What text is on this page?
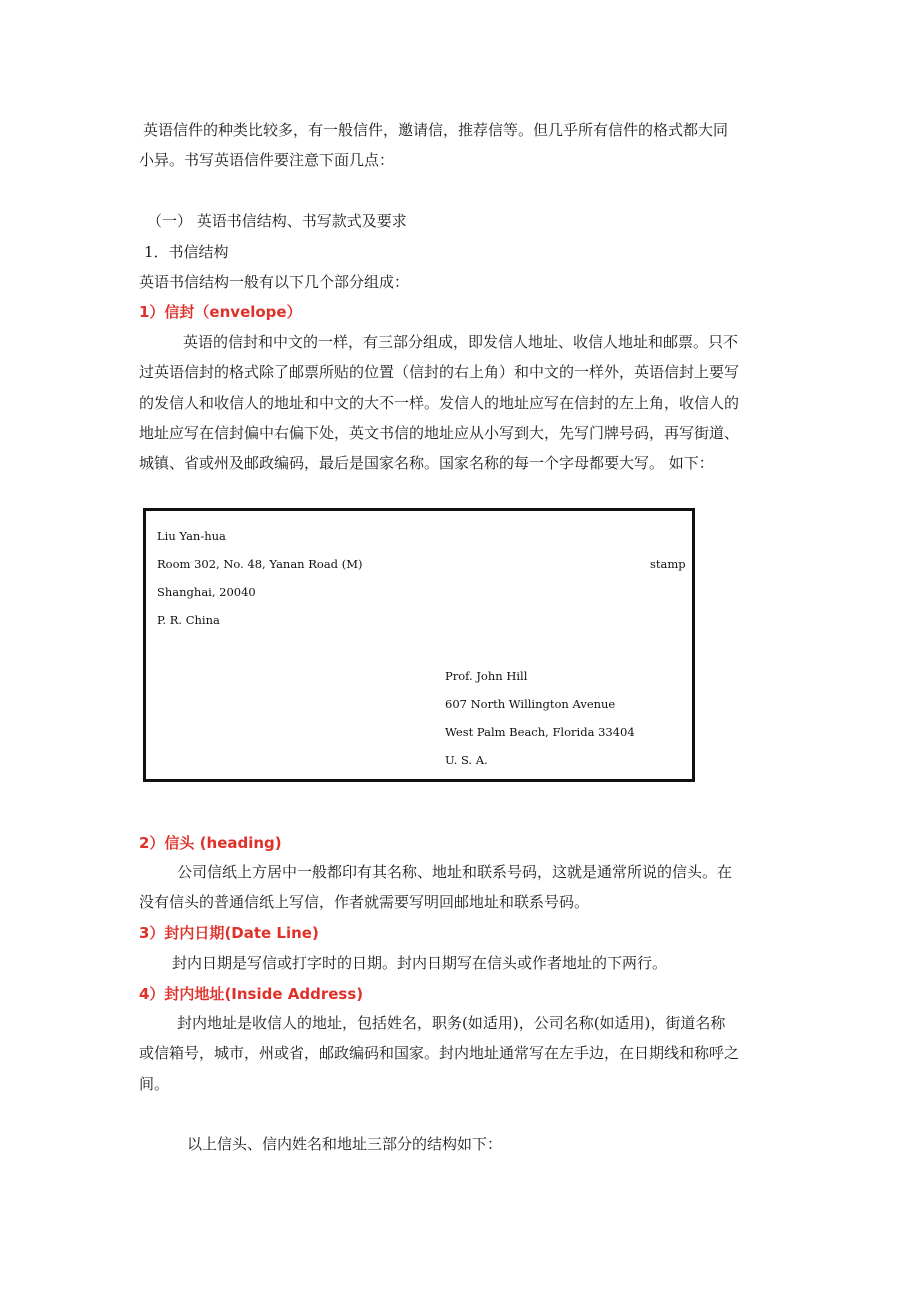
英语信件的种类比较多，有一般信件，邀请信，推荐信等。但几乎所有信件的格式都大同
小异。书写英语信件要注意下面几点：
（一） 英语书信结构、书写款式及要求
1．书信结构
英语书信结构一般有以下几个部分组成：
1）信封（envelope）
英语的信封和中文的一样，有三部分组成，即发信人地址、收信人地址和邮票。只不
过英语信封的格式除了邮票所贴的位置（信封的右上角）和中文的一样外，英语信封上要写
的发信人和收信人的地址和中文的大不一样。发信人的地址应写在信封的左上角，收信人的
地址应写在信封偏中右偏下处，英文书信的地址应从小写到大，先写门牌号码，再写街道、
城镇、省或州及邮政编码，最后是国家名称。国家名称的每一个字母都要大写。 如下：
Liu Yan-hua
Room 302, No. 48, Yanan Road (M)
Shanghai, 20040
P. R. China
stamp
Prof. John Hill
607 North Willington Avenue
West Palm Beach, Florida 33404
U. S. A.
2）信头 (heading)
公司信纸上方居中一般都印有其名称、地址和联系号码，这就是通常所说的信头。在
没有信头的普通信纸上写信，作者就需要写明回邮地址和联系号码。
3）封内日期(Date Line)
封内日期是写信或打字时的日期。封内日期写在信头或作者地址的下两行。
4）封内地址(Inside Address)
封内地址是收信人的地址，包括姓名，职务(如适用)，公司名称(如适用)，街道名称
或信箱号，城市，州或省，邮政编码和国家。封内地址通常写在左手边，在日期线和称呼之
间。
以上信头、信内姓名和地址三部分的结构如下：
